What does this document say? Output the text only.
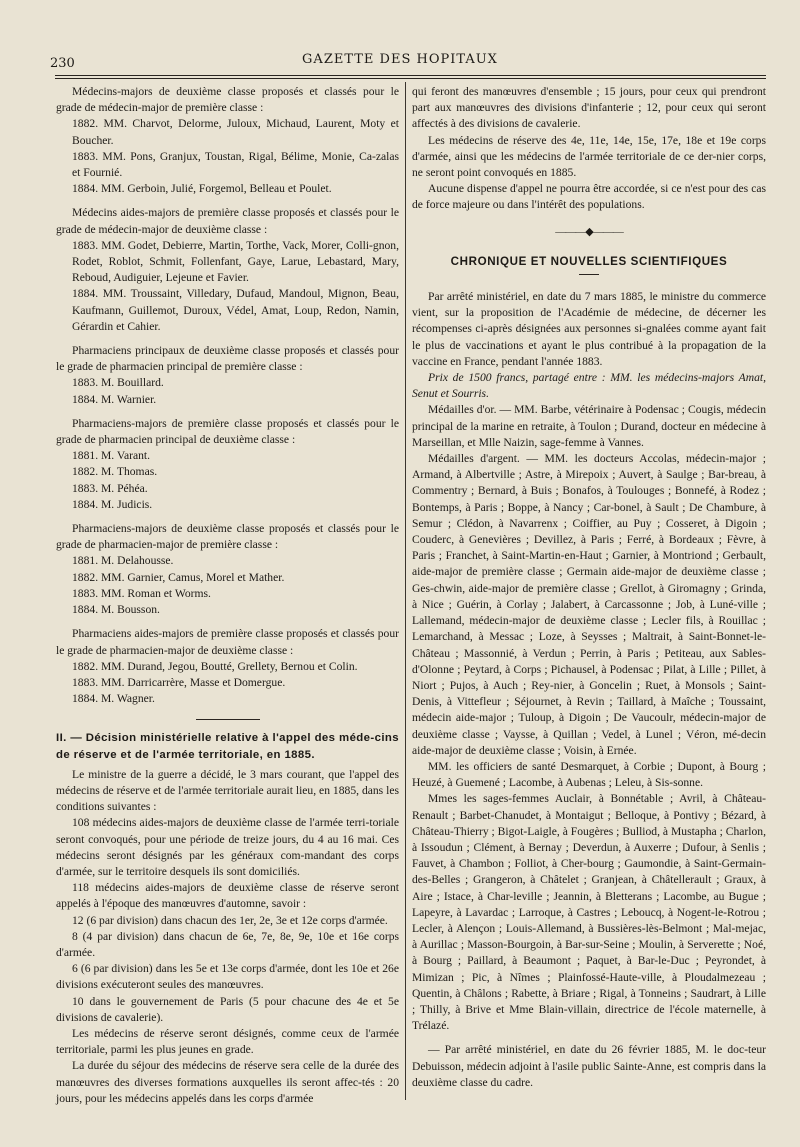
230	GAZETTE DES HOPITAUX

Médecins-majors de deuxième classe proposés et classés pour le grade de médecin-major de première classe :

1882. MM. Charvot, Delorme, Juloux, Michaud, Laurent, Moty et Boucher.

1883. MM. Pons, Granjux, Toustan, Rigal, Bélime, Monie, Ca-zalas et Fournié.

1884. MM. Gerboin, Julié, Forgemol, Belleau et Poulet.

Médecins aides-majors de première classe proposés et classés pour le grade de médecin-major de deuxième classe :

1883. MM. Godet, Debierre, Martin, Torthe, Vack, Morer, Colli-gnon, Rodet, Roblot, Schmit, Follenfant, Gaye, Larue, Lebastard, Mary, Reboud, Audiguier, Lejeune et Favier.

1884. MM. Troussaint, Villedary, Dufaud, Mandoul, Mignon, Beau, Kaufmann, Guillemot, Duroux, Védel, Amat, Loup, Redon, Namin, Gérardin et Cahier.

Pharmaciens principaux de deuxième classe proposés et classés pour le grade de pharmacien principal de première classe :

1883. M. Bouillard.

1884. M. Warnier.

Pharmaciens-majors de première classe proposés et classés pour le grade de pharmacien principal de deuxième classe :

1881. M. Varant.

1882. M. Thomas.

1883. M. Péhéa.

1884. M. Judicis.

Pharmaciens-majors de deuxième classe proposés et classés pour le grade de pharmacien-major de première classe :

1881. M. Delahousse.

1882. MM. Garnier, Camus, Morel et Mather.

1883. MM. Roman et Worms.

1884. M. Bousson.

Pharmaciens aides-majors de première classe proposés et classés pour le grade de pharmacien-major de deuxième classe :

1882. MM. Durand, Jegou, Boutté, Grellety, Bernou et Colin.

1883. MM. Darricarrère, Masse et Domergue.

1884. M. Wagner.

II. — Décision ministérielle relative à l'appel des méde-cins de réserve et de l'armée territoriale, en 1885.

Le ministre de la guerre a décidé, le 3 mars courant, que l'appel des médecins de réserve et de l'armée territoriale aurait lieu, en 1885, dans les conditions suivantes :

108 médecins aides-majors de deuxième classe de l'armée terri-toriale seront convoqués, pour une période de treize jours, du 4 au 16 mai. Ces médecins seront désignés par les généraux com-mandant des corps d'armée, sur le territoire desquels ils sont domiciliés.

118 médecins aides-majors de deuxième classe de réserve seront appelés à l'époque des manœuvres d'automne, savoir :

12 (6 par division) dans chacun des 1er, 2e, 3e et 12e corps d'armée.

8 (4 par division) dans chacun de 6e, 7e, 8e, 9e, 10e et 16e corps d'armée.

6 (6 par division) dans les 5e et 13e corps d'armée, dont les 10e et 26e divisions exécuteront seules des manœuvres.

10 dans le gouvernement de Paris (5 pour chacune des 4e et 5e divisions de cavalerie).

Les médecins de réserve seront désignés, comme ceux de l'armée territoriale, parmi les plus jeunes en grade.

La durée du séjour des médecins de réserve sera celle de la durée des manœuvres des diverses formations auxquelles ils seront affec-tés : 20 jours, pour les médecins appelés dans les corps d'armée

qui feront des manœuvres d'ensemble ; 15 jours, pour ceux qui prendront part aux manœuvres des divisions d'infanterie ; 12, pour ceux qui seront affectés à des divisions de cavalerie.

Les médecins de réserve des 4e, 11e, 14e, 15e, 17e, 18e et 19e corps d'armée, ainsi que les médecins de l'armée territoriale de ce der-nier corps, ne seront point convoqués en 1885.

Aucune dispense d'appel ne pourra être accordée, si ce n'est pour des cas de force majeure ou dans l'intérêt des populations.

———◆———

CHRONIQUE ET NOUVELLES SCIENTIFIQUES

Par arrêté ministériel, en date du 7 mars 1885, le ministre du commerce vient, sur la proposition de l'Académie de médecine, de décerner les récompenses ci-après désignées aux personnes si-gnalées comme ayant fait le plus de vaccinations et ayant le plus contribué à la propagation de la vaccine en France, pendant l'année 1883.

Prix de 1500 francs, partagé entre : MM. les médecins-majors Amat, Senut et Sourris.

Médailles d'or. — MM. Barbe, vétérinaire à Podensac ; Cougis, médecin principal de la marine en retraite, à Toulon ; Durand, docteur en médecine à Marseillan, et Mlle Naizin, sage-femme à Vannes.

Médailles d'argent. — MM. les docteurs Accolas, médecin-major ; Armand, à Albertville ; Astre, à Mirepoix ; Auvert, à Saulge ; Bar-breau, à Commentry ; Bernard, à Buis ; Bonafos, à Toulouges ; Bonnefé, à Rodez ; Bontemps, à Paris ; Boppe, à Nancy ; Car-bonel, à Sault ; De Chambure, à Semur ; Clédon, à Navarrenx ; Coiffier, au Puy ; Cosseret, à Digoin ; Couderc, à Genevières ; Devillez, à Paris ; Ferré, à Bordeaux ; Fèvre, à Paris ; Franchet, à Saint-Martin-en-Haut ; Garnier, à Montriond ; Gerbault, aide-major de première classe ; Germain aide-major de deuxième classe ; Ges-chwin, aide-major de première classe ; Grellot, à Giromagny ; Grinda, à Nice ; Guérin, à Corlay ; Jalabert, à Carcassonne ; Job, à Luné-ville ; Lallemand, médecin-major de deuxième classe ; Lecler fils, à Rouillac ; Lemarchand, à Messac ; Loze, à Seysses ; Maltrait, à Saint-Bonnet-le-Château ; Massonnié, à Verdun ; Perrin, à Paris ; Petiteau, aux Sables-d'Olonne ; Peytard, à Corps ; Pichausel, à Podensac ; Pilat, à Lille ; Pillet, à Niort ; Pujos, à Auch ; Rey-nier, à Goncelin ; Ruet, à Monsols ; Saint-Denis, à Vittefleur ; Séjournet, à Revin ; Taillard, à Maîche ; Toussaint, médecin aide-major ; Tuloup, à Digoin ; De Vaucoulr, médecin-major de deuxième classe ; Vaysse, à Quillan ; Vedel, à Lunel ; Véron, mé-decin aide-major de deuxième classe ; Voisin, à Ernée.

MM. les officiers de santé Desmarquet, à Corbie ; Dupont, à Bourg ; Heuzé, à Guemené ; Lacombe, à Aubenas ; Leleu, à Sis-sonne.

Mmes les sages-femmes Auclair, à Bonnétable ; Avril, à Château-Renault ; Barbet-Chanudet, à Montaigut ; Belloque, à Pontivy ; Bézard, à Château-Thierry ; Bigot-Laigle, à Fougères ; Bulliod, à Mustapha ; Charlon, à Issoudun ; Clément, à Bernay ; Deverdun, à Auxerre ; Dufour, à Senlis ; Fauvet, à Chambon ; Folliot, à Cher-bourg ; Gaumondie, à Saint-Germain-des-Belles ; Grangeron, à Châtelet ; Granjean, à Châtellerault ; Graux, à Aire ; Istace, à Char-leville ; Jeannin, à Bletterans ; Lacombe, au Bugue ; Lapeyre, à Lavardac ; Larroque, à Castres ; Leboucq, à Nogent-le-Rotrou ; Lecler, à Alençon ; Louis-Allemand, à Bussières-lès-Belmont ; Mal-mejac, à Aurillac ; Masson-Bourgoin, à Bar-sur-Seine ; Moulin, à Serverette ; Noé, à Bourg ; Paillard, à Beaumont ; Paquet, à Bar-le-Duc ; Peyrondet, à Mimizan ; Pic, à Nîmes ; Plainfossé-Haute-ville, à Ploudalmezeau ; Quentin, à Châlons ; Rabette, à Briare ; Rigal, à Tonneins ; Saudrart, à Lille ; Thilly, à Brive et Mme Blain-villain, directrice de l'école maternelle, à Trélazé.

— Par arrêté ministériel, en date du 26 février 1885, M. le doc-teur Debuisson, médecin adjoint à l'asile public Sainte-Anne, est compris dans la deuxième classe du cadre.
